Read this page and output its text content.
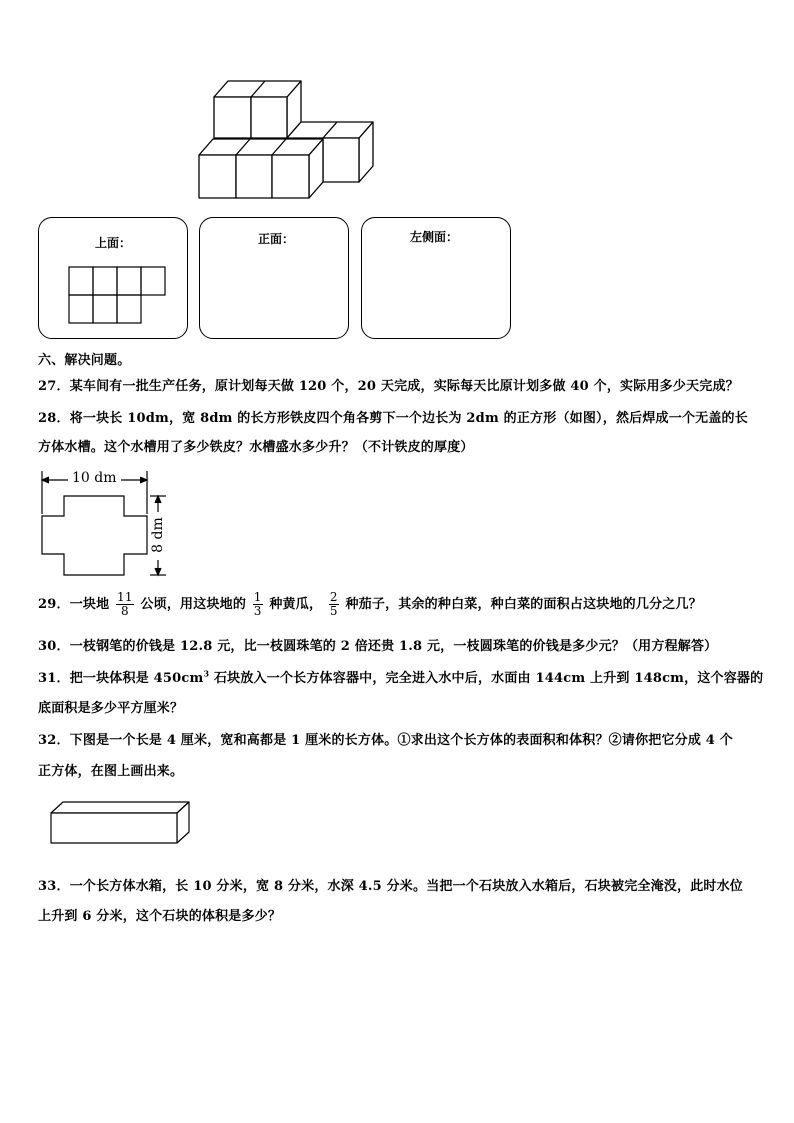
上面：	正面：	左侧面：
六、解决问题。
27．某车间有一批生产任务，原计划每天做 120 个，20 天完成，实际每天比原计划多做 40 个，实际用多少天完成？
28．将一块长 10dm，宽 8dm 的长方形铁皮四个角各剪下一个边长为 2dm 的正方形（如图），然后焊成一个无盖的长
方体水槽。这个水槽用了多少铁皮？水槽盛水多少升？（不计铁皮的厚度）
10 dm
8 dm
29．一块地 $\frac{11}{8}$ 公顷，用这块地的 $\frac{1}{3}$ 种黄瓜， $\frac{2}{5}$ 种茄子，其余的种白菜，种白菜的面积占这块地的几分之几？
30．一枝钢笔的价钱是 12.8 元，比一枝圆珠笔的 2 倍还贵 1.8 元，一枝圆珠笔的价钱是多少元？（用方程解答）
31．把一块体积是 $450cm^3$ 石块放入一个长方体容器中，完全进入水中后，水面由 144cm 上升到 148cm，这个容器的
底面积是多少平方厘米？
32．下图是一个长是 4 厘米，宽和高都是 1 厘米的长方体。①求出这个长方体的表面积和体积？②请你把它分成 4 个
正方体，在图上画出来。
33．一个长方体水箱，长 10 分米，宽 8 分米，水深 4.5 分米。当把一个石块放入水箱后，石块被完全淹没，此时水位
上升到 6 分米，这个石块的体积是多少？
